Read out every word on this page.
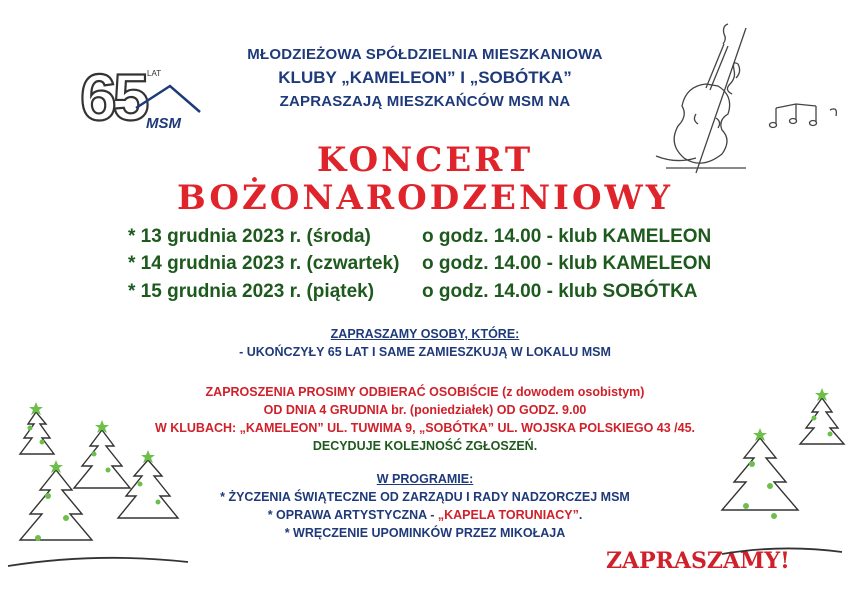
65 LAT
MSM
MŁODZIEŻOWA SPÓŁDZIELNIA MIESZKANIOWA
KLUBY „KAMELEON” I „SOBÓTKA”
ZAPRASZAJĄ MIESZKAŃCÓW MSM NA
KONCERT
BOŻONARODZENIOWY
* 13 grudnia 2023 r. (środa)	o godz. 14.00 - klub KAMELEON
* 14 grudnia 2023 r. (czwartek) o godz. 14.00 - klub KAMELEON
* 15 grudnia 2023 r. (piątek)	o godz. 14.00 - klub SOBÓTKA
ZAPRASZAMY OSOBY, KTÓRE:
- UKOŃCZYŁY 65 LAT I SAME ZAMIESZKUJĄ W LOKALU MSM
ZAPROSZENIA PROSIMY ODBIERAĆ OSOBIŚCIE (z dowodem osobistym)
OD DNIA 4 GRUDNIA br. (poniedziałek) OD GODZ. 9.00
W KLUBACH: „KAMELEON” UL. TUWIMA 9, „SOBÓTKA” UL. WOJSKA POLSKIEGO 43 /45.
DECYDUJE KOLEJNOŚĆ ZGŁOSZEŃ.
W PROGRAMIE:
* ŻYCZENIA ŚWIĄTECZNE OD ZARZĄDU I RADY NADZORCZEJ MSM
* OPRAWA ARTYSTYCZNA - „KAPELA TORUNIACY”.
* WRĘCZENIE UPOMINKÓW PRZEZ MIKOŁAJA
ZAPRASZAMY!
